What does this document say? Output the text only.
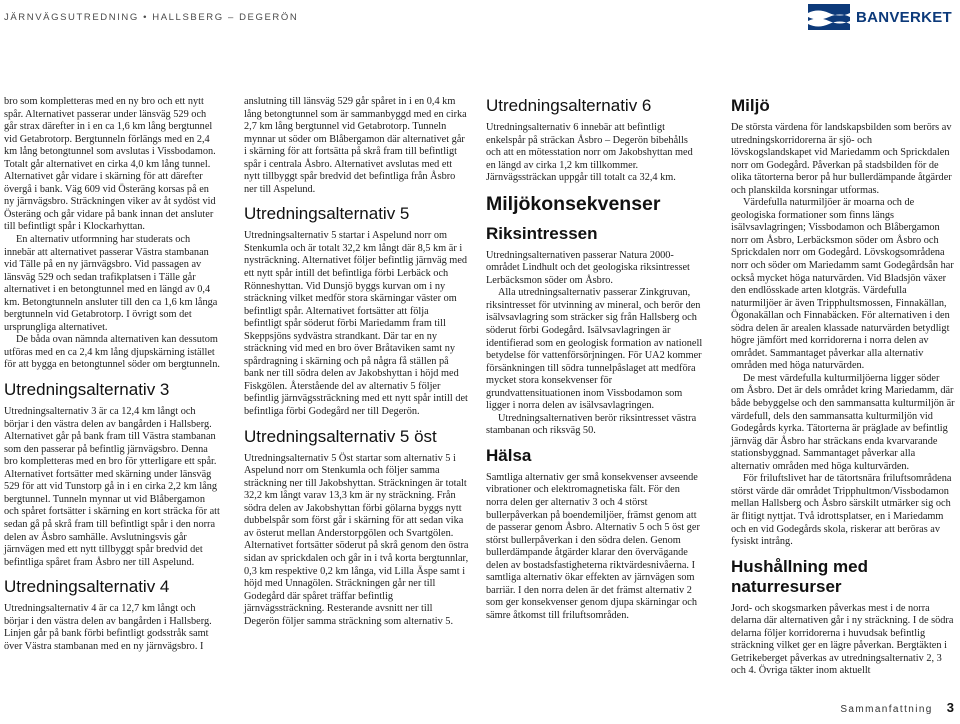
JÄRNVÄGSUTREDNING • HALLSBERG – DEGERÖN	BANVERKET

bro som kompletteras med en ny bro och ett nytt spår. Alternativet passerar under länsväg 529 och går strax därefter in i en ca 1,6 km lång bergtunnel vid Getabrotorp. Bergtunneln förlängs med en 2,4 km lång betongtunnel som avslutas i Vissbodamon. Totalt går alternativet en cirka 4,0 km lång tunnel. Alternativet går vidare i skärning för att därefter övergå i bank. Väg 609 vid Österäng korsas på en ny järnvägsbro. Sträckningen viker av åt sydöst vid Österäng och går vidare på bank innan det ansluter till befintligt spår i Klockarhyttan.

En alternativ utformning har studerats och innebär att alternativet passerar Västra stambanan vid Tälle på en ny järnvägsbro. Vid passagen av länsväg 529 och sedan trafikplatsen i Tälle går alternativet i en betongtunnel med en längd av 0,4 km. Betongtunneln ansluter till den ca 1,6 km långa bergtunneln vid Getabrotorp. I övrigt som det ursprungliga alternativet.

De båda ovan nämnda alternativen kan dessutom utföras med en ca 2,4 km lång djupskärning istället för att bygga en betongtunnel söder om bergtunneln.

Utredningsalternativ 3

Utredningsalternativ 3 är ca 12,4 km långt och börjar i den västra delen av bangården i Hallsberg. Alternativet går på bank fram till Västra stambanan som den passerar på befintlig järnvägsbro. Denna bro kompletteras med en bro för ytterligare ett spår. Alternativet fortsätter med skärning under länsväg 529 för att vid Tunstorp gå in i en cirka 2,2 km lång bergtunnel. Tunneln mynnar ut vid Blåbergamon och spåret fortsätter i skärning en kort sträcka för att sedan gå på skrå fram till befintligt spår i den norra delen av Åsbro samhälle. Avslutningsvis går järnvägen med ett nytt tillbyggt spår bredvid det befintliga spåret fram Åsbro ner till Aspelund.

Utredningsalternativ 4

Utredningsalternativ 4 är ca 12,7 km långt och börjar i den västra delen av bangården i Hallsberg. Linjen går på bank förbi befintligt godsstråk samt över Västra stambanan med en ny järnvägsbro. I

anslutning till länsväg 529 går spåret in i en 0,4 km lång betongtunnel som är sammanbyggd med en cirka 2,7 km lång bergtunnel vid Getabrotorp. Tunneln mynnar ut söder om Blåbergamon där alternativet går i skärning för att fortsätta på skrå fram till befintligt spår i centrala Åsbro. Alternativet avslutas med ett nytt tillbyggt spår bredvid det befintliga från Åsbro ner till Aspelund.

Utredningsalternativ 5

Utredningsalternativ 5 startar i Aspelund norr om Stenkumla och är totalt 32,2 km långt där 8,5 km är i nysträckning. Alternativet följer befintlig järnväg med ett nytt spår intill det befintliga förbi Lerbäck och Rönneshyttan. Vid Dunsjö byggs kurvan om i ny sträckning vilket medför stora skärningar väster om befintligt spår. Alternativet fortsätter att följa befintligt spår söderut förbi Mariedamm fram till Skeppsjöns sydvästra strandkant. Där tar en ny sträckning vid med en bro över Bråtaviken samt ny spårdragning i skärning och på några få ställen på bank ner till södra delen av Jakobshyttan i höjd med Fiskgölen. Återstående del av alternativ 5 följer befintlig järnvägssträckning med ett nytt spår intill det befintliga förbi Godegård ner till Degerön.

Utredningsalternativ 5 öst

Utredningsalternativ 5 Öst startar som alternativ 5 i Aspelund norr om Stenkumla och följer samma sträckning ner till Jakobshyttan. Sträckningen är totalt 32,2 km långt varav 13,3 km är ny sträckning. Från södra delen av Jakobshyttan förbi gölarna byggs nytt dubbelspår som först går i skärning för att sedan vika av österut mellan Anderstorpgölen och Svartgölen. Alternativet fortsätter söderut på skrå genom den östra sidan av sprickdalen och går in i två korta bergtunnlar, 0,3 km respektive 0,2 km långa, vid Lilla Äspe samt i höjd med Unnagölen. Sträckningen går ner till Godegård där spåret träffar befintlig järnvägssträckning. Resterande avsnitt ner till Degerön följer samma sträckning som alternativ 5.

Utredningsalternativ 6

Utredningsalternativ 6 innebär att befintligt enkelspår på sträckan Åsbro – Degerön bibehålls och att en mötesstation norr om Jakobshyttan med en längd av cirka 1,2 km tillkommer. Järnvägssträckan uppgår till totalt ca 32,4 km.

Miljökonsekvenser
Riksintressen

Utredningsalternativen passerar Natura 2000-området Lindhult och det geologiska riksintresset Lerbäcksmon söder om Åsbro.

Alla utredningsalternativ passerar Zinkgruvan, riksintresset för utvinning av mineral, och berör den isälvsavlagring som sträcker sig från Hallsberg och söderut förbi Godegård. Isälvsavlagringen är identifierad som en geologisk formation av nationell betydelse för vattenförsörjningen. För UA2 kommer försänkningen till södra tunnelpåslaget att medföra mycket stora konsekvenser för grundvattensituationen inom Vissbodamon som ligger i norra delen av isälvsavlagringen.

Utredningsalternativen berör riksintresset västra stambanan och riksväg 50.

Hälsa

Samtliga alternativ ger små konsekvenser avseende vibrationer och elektromagnetiska fält. För den norra delen ger alternativ 3 och 4 störst bullerpåverkan på boendemiljöer, främst genom att de passerar genom Åsbro. Alternativ 5 och 5 öst ger störst bullerpåverkan i den södra delen. Genom bullerdämpande åtgärder klarar den övervägande delen av bostadsfastigheterna riktvärdesnivåerna. I samtliga alternativ ökar effekten av järnvägen som barriär. I den norra delen är det främst alternativ 2 som ger konsekvenser genom djupa skärningar och sämre åtkomst till friluftsområden.

Miljö

De största värdena för landskapsbilden som berörs av utredningskorridorerna är sjö- och lövskogslandskapet vid Mariedamm och Sprickdalen norr om Godegård. Påverkan på stadsbilden för de olika tätorterna beror på hur bullerdämpande åtgärder och planskilda korsningar utformas.

Värdefulla naturmiljöer är moarna och de geologiska formationer som finns längs isälvsavlagringen; Vissbodamon och Blåbergamon norr om Åsbro, Lerbäcksmon söder om Åsbro och Sprickdalen norr om Godegård. Lövskogsområdena norr och söder om Mariedamm samt Godegårdsån har också mycket höga naturvärden. Vid Bladsjön växer den endlösskade arten klotgräs. Värdefulla naturmiljöer är även Tripphultsmossen, Finnakällan, Ögonakällan och Finnabäcken. För alternativen i den södra delen är arealen klassade naturvärden betydligt högre jämfört med korridorerna i norra delen av området. Sammantaget påverkar alla alternativ områden med höga naturvärden.

De mest värdefulla kulturmiljöerna ligger söder om Åsbro. Det är dels området kring Mariedamm, där både bebyggelse och den sammansatta kulturmiljön är värdefull, dels den sammansatta kulturmiljön vid Godegårds kyrka. Tätorterna är präglade av befintlig järnväg där Åsbro har sträckans enda kvarvarande stationsbyggnad. Sammantaget påverkar alla alternativ områden med höga kulturvärden.

För friluftslivet har de tätortsnära friluftsområdena störst värde där området Tripphultmon/Vissbodamon mellan Hallsberg och Åsbro särskilt utmärker sig och är flitigt nyttjat. Två idrottsplatser, en i Mariedamm och en vid Godegårds skola, riskerar att beröras av fysiskt intrång.

Hushållning med naturresurser

Jord- och skogsmarken påverkas mest i de norra delarna där alternativen går i ny sträckning. I de södra delarna följer korridorerna i huvudsak befintlig sträckning vilket ger en lägre påverkan. Bergtäkten i Getrikeberget påverkas av utredningsalternativ 2, 3 och 4. Övriga täkter inom aktuellt

Sammanfattning 3
